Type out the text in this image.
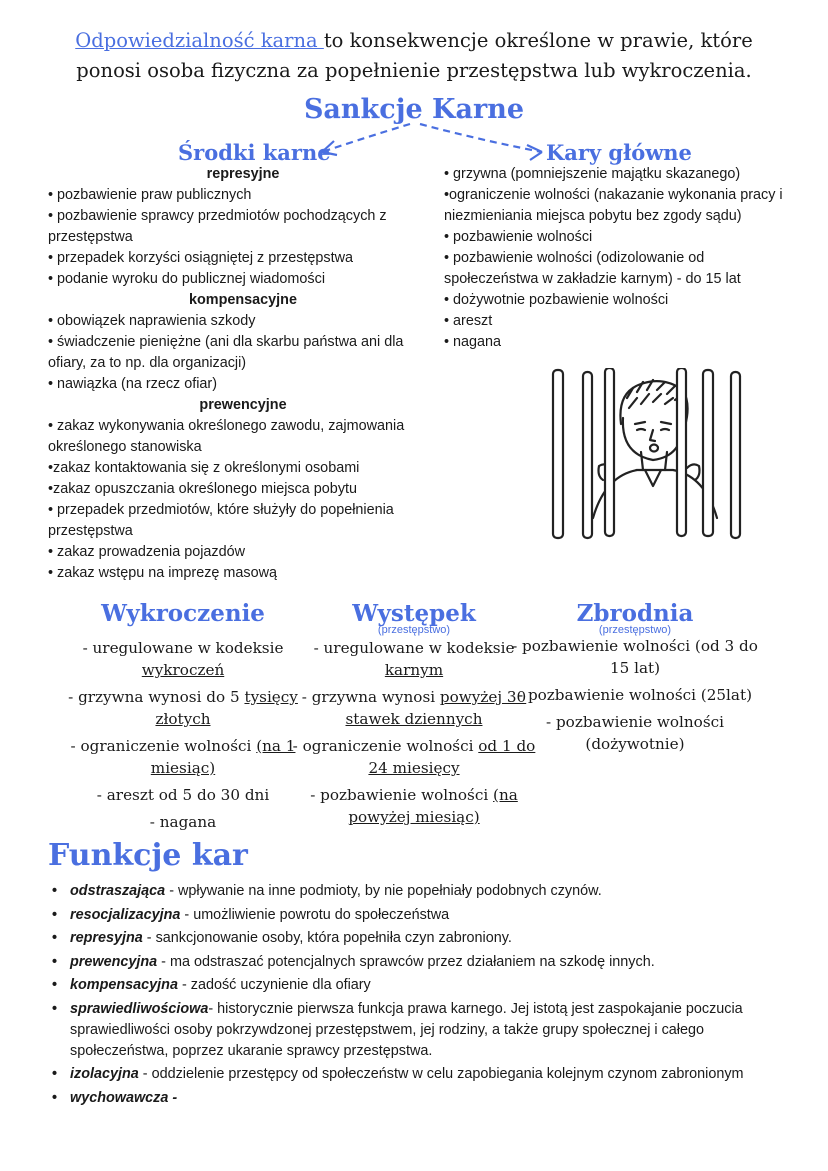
Odpowiedzialność karna to konsekwencje określone w prawie, które ponosi osoba fizyczna za popełnienie przestępstwa lub wykroczenia.
Sankcje Karne
Środki karne	Kary główne
represyjne
• pozbawienie praw publicznych
• pozbawienie sprawcy przedmiotów pochodzących z przestępstwa
• przepadek korzyści osiągniętej z przestępstwa
• podanie wyroku do publicznej wiadomości
kompensacyjne
• obowiązek naprawienia szkody
• świadczenie pieniężne (ani dla skarbu państwa ani dla ofiary, za to np. dla organizacji)
• nawiązka (na rzecz ofiar)
prewencyjne
• zakaz wykonywania określonego zawodu, zajmowania określonego stanowiska
•zakaz kontaktowania się z określonymi osobami
•zakaz opuszczania określonego miejsca pobytu
• przepadek przedmiotów, które służyły do popełnienia przestępstwa
• zakaz prowadzenia pojazdów
• zakaz wstępu na imprezę masową
• grzywna (pomniejszenie majątku skazanego)
•ograniczenie wolności (nakazanie wykonania pracy i niezmieniania miejsca pobytu bez zgody sądu)
• pozbawienie wolności
• pozbawienie wolności (odizolowanie od społeczeństwa w zakładzie karnym) - do 15 lat
• dożywotnie pozbawienie wolności
• areszt
• nagana
Wykroczenie
- uregulowane w kodeksie wykroczeń
- grzywna wynosi do 5 tysięcy złotych
- ograniczenie wolności (na 1 miesiąc)
- areszt od 5 do 30 dni
- nagana
Występek
(przestępstwo)
- uregulowane w kodeksie karnym
- grzywna wynosi powyżej 30 stawek dziennych
- ograniczenie wolności od 1 do 24 miesięcy
- pozbawienie wolności (na powyżej miesiąc)
Zbrodnia
(przestępstwo)
- pozbawienie wolności (od 3 do 15 lat)
- pozbawienie wolności (25lat)
- pozbawienie wolności (dożywotnie)
Funkcje kar
• odstraszająca - wpływanie na inne podmioty, by nie popełniały podobnych czynów.
• resocjalizacyjna - umożliwienie powrotu do społeczeństwa
• represyjna - sankcjonowanie osoby, która popełniła czyn zabroniony.
• prewencyjna - ma odstraszać potencjalnych sprawców przez działaniem na szkodę innych.
• kompensacyjna - zadość uczynienie dla ofiary
• sprawiedliwościowa- historycznie pierwsza funkcja prawa karnego. Jej istotą jest zaspokajanie poczucia sprawiedliwości osoby pokrzywdzonej przestępstwem, jej rodziny, a także grupy społecznej i całego społeczeństwa, poprzez ukaranie sprawcy przestępstwa.
• izolacyjna - oddzielenie przestępcy od społeczeństw w celu zapobiegania kolejnym czynom zabronionym
• wychowawcza -
